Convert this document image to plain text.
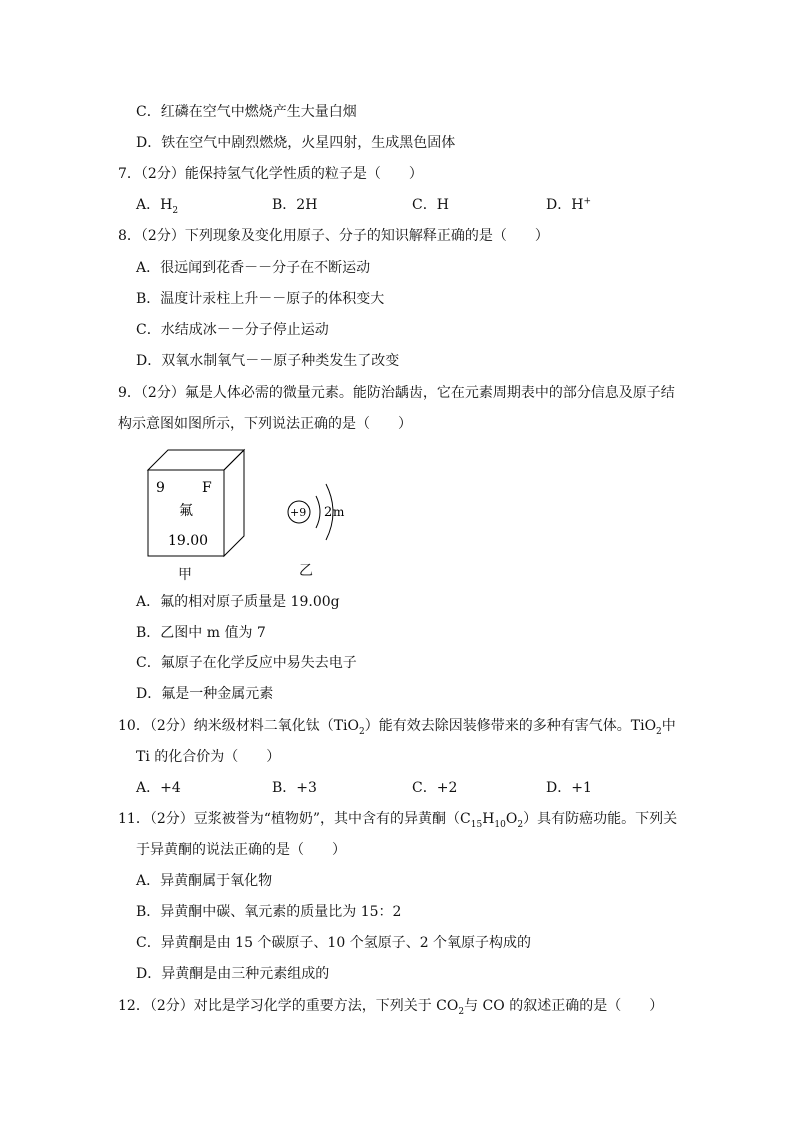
C．红磷在空气中燃烧产生大量白烟
D．铁在空气中剧烈燃烧，火星四射，生成黑色固体
7．（2分）能保持氢气化学性质的粒子是（　　）
A．$H_2$	B．2H	C．H	D．H+
8．（2分）下列现象及变化用原子、分子的知识解释正确的是（　　）
A．很远闻到花香－－分子在不断运动
B．温度计汞柱上升－－原子的体积变大
C．水结成冰－－分子停止运动
D．双氧水制氧气－－原子种类发生了改变
9．（2分）氟是人体必需的微量元素。能防治龋齿，它在元素周期表中的部分信息及原子结
构示意图如图所示，下列说法正确的是（　　）
9	F
氟
19.00
甲
+9 2 m
乙
A．氟的相对原子质量是 19.00g
B．乙图中 m 值为 7
C．氟原子在化学反应中易失去电子
D．氟是一种金属元素
10．（2分）纳米级材料二氧化钛（TiO$_2$）能有效去除因装修带来的多种有害气体。TiO$_2$中
Ti 的化合价为（　　）
A．+4	B．+3	C．+2	D．+1
11．（2分）豆浆被誉为“植物奶”，其中含有的异黄酮$(C_{15}H_{10}O_2)$具有防癌功能。下列关
于异黄酮的说法正确的是（　　）
A．异黄酮属于氧化物
B．异黄酮中碳、氧元素的质量比为 15：2
C．异黄酮是由 15 个碳原子、10 个氢原子、2 个氧原子构成的
D．异黄酮是由三种元素组成的
12．（2分）对比是学习化学的重要方法，下列关于 $CO_2$与 CO 的叙述正确的是（　　）
